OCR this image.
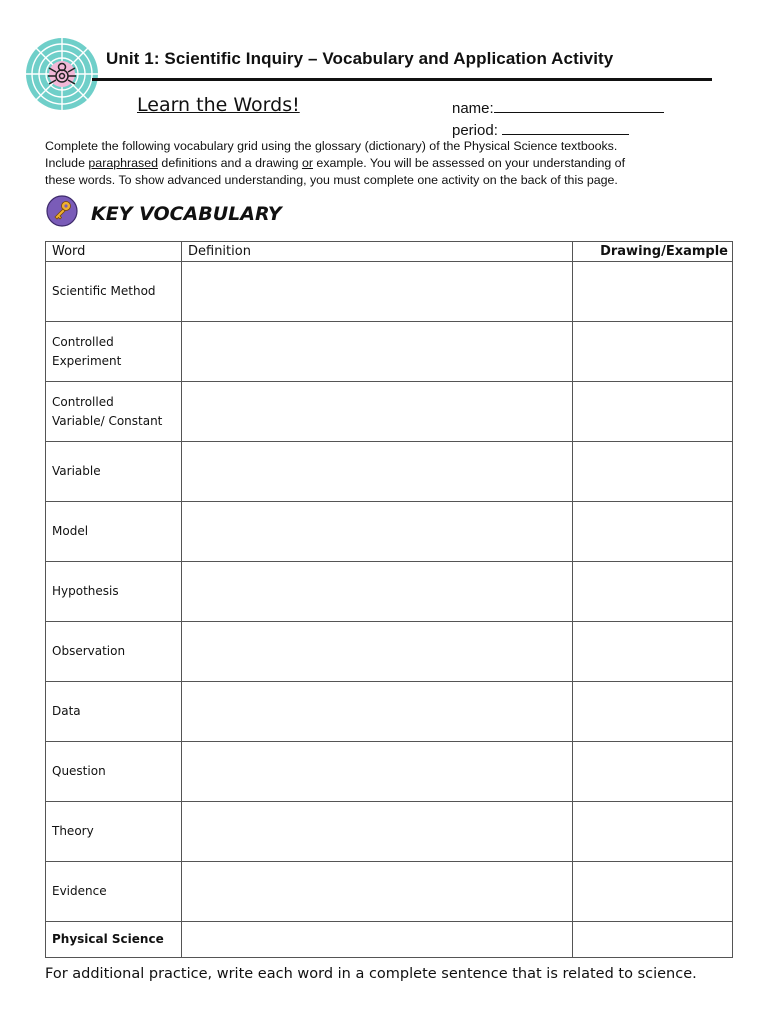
Unit 1: Scientific Inquiry – Vocabulary and Application Activity
Learn the Words!	name:
period:

Complete the following vocabulary grid using the glossary (dictionary) of the Physical Science textbooks.

Include paraphrased definitions and a drawing or example. You will be assessed on your understanding of

these words. To show advanced understanding, you must complete one activity on the back of this page.

KEY VOCABULARY
Word	Definition	Drawing/Example

Scientific Method		

Controlled
Experiment		

Controlled
Variable/ Constant		

Variable		

Model		

Hypothesis		

Observation		

Data		

Question		

Theory		

Evidence		

Physical Science		

For additional practice, write each word in a complete sentence that is related to science.
